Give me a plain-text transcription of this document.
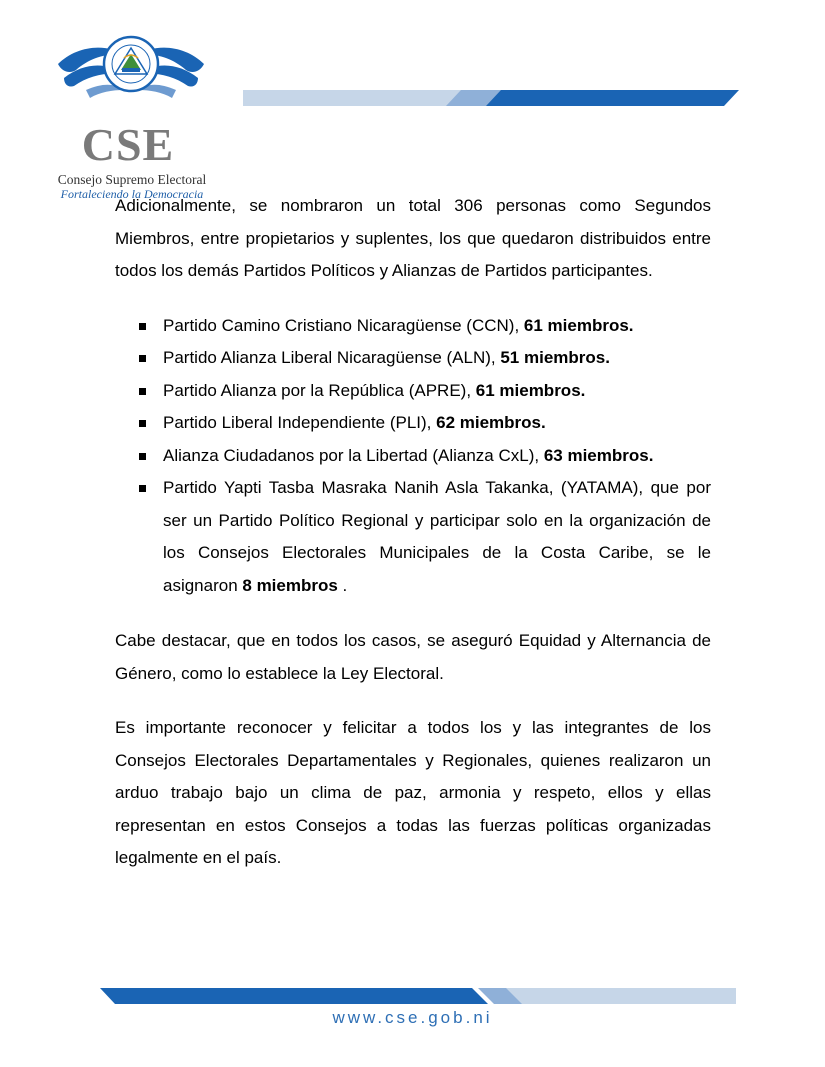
CSE
Consejo Supremo Electoral
Fortaleciendo la Democracia

Adicionalmente, se nombraron un total 306 personas como Segundos Miembros, entre propietarios y suplentes, los que quedaron distribuidos entre todos los demás Partidos Políticos y Alianzas de Partidos participantes.

Partido Camino Cristiano Nicaragüense (CCN), 61 miembros.
Partido Alianza Liberal Nicaragüense (ALN), 51 miembros.
Partido Alianza por la República (APRE), 61 miembros.
Partido Liberal Independiente (PLI), 62 miembros.
Alianza Ciudadanos por la Libertad (Alianza CxL), 63 miembros.
Partido Yapti Tasba Masraka Nanih Asla Takanka, (YATAMA), que por ser un Partido Político Regional y participar solo en la organización de los Consejos Electorales Municipales de la Costa Caribe, se le asignaron 8 miembros .

Cabe destacar, que en todos los casos, se aseguró Equidad y Alternancia de Género, como lo establece la Ley Electoral.

Es importante reconocer y felicitar a todos los y las integrantes de los Consejos Electorales Departamentales y Regionales, quienes realizaron un arduo trabajo bajo un clima de paz, armonia y respeto, ellos y ellas representan en estos Consejos a todas las fuerzas políticas organizadas legalmente en el país.

www.cse.gob.ni
